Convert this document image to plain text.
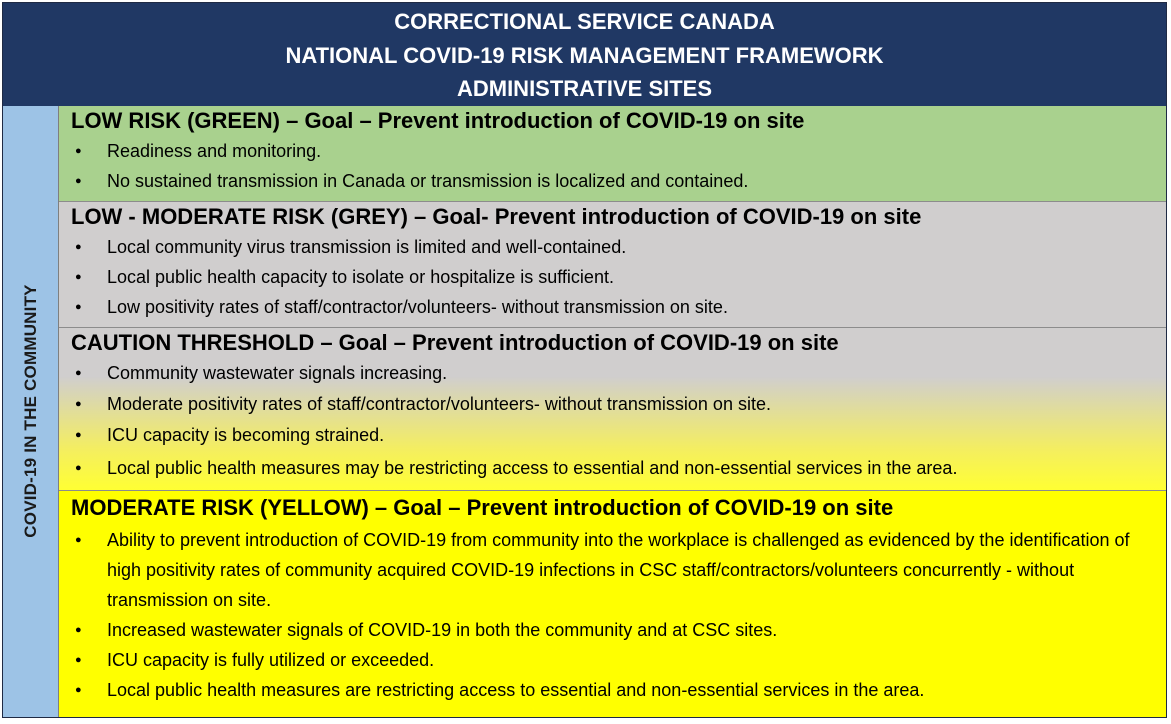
CORRECTIONAL SERVICE CANADA
NATIONAL COVID-19 RISK MANAGEMENT FRAMEWORK
ADMINISTRATIVE SITES
COVID-19 IN THE COMMUNITY
LOW RISK (GREEN) – Goal – Prevent introduction of COVID-19 on site
● Readiness and monitoring.
● No sustained transmission in Canada or transmission is localized and contained.
LOW - MODERATE RISK (GREY) – Goal- Prevent introduction of COVID-19 on site
● Local community virus transmission is limited and well-contained.
● Local public health capacity to isolate or hospitalize is sufficient.
● Low positivity rates of staff/contractor/volunteers- without transmission on site.
CAUTION THRESHOLD – Goal – Prevent introduction of COVID-19 on site
● Community wastewater signals increasing.
● Moderate positivity rates of staff/contractor/volunteers- without transmission on site.
● ICU capacity is becoming strained.
● Local public health measures may be restricting access to essential and non-essential services in the area.
MODERATE RISK (YELLOW) – Goal – Prevent introduction of COVID-19 on site
● Ability to prevent introduction of COVID-19 from community into the workplace is challenged as evidenced by the identification of high positivity rates of community acquired COVID-19 infections in CSC staff/contractors/volunteers concurrently - without transmission on site.
● Increased wastewater signals of COVID-19 in both the community and at CSC sites.
● ICU capacity is fully utilized or exceeded.
● Local public health measures are restricting access to essential and non-essential services in the area.
